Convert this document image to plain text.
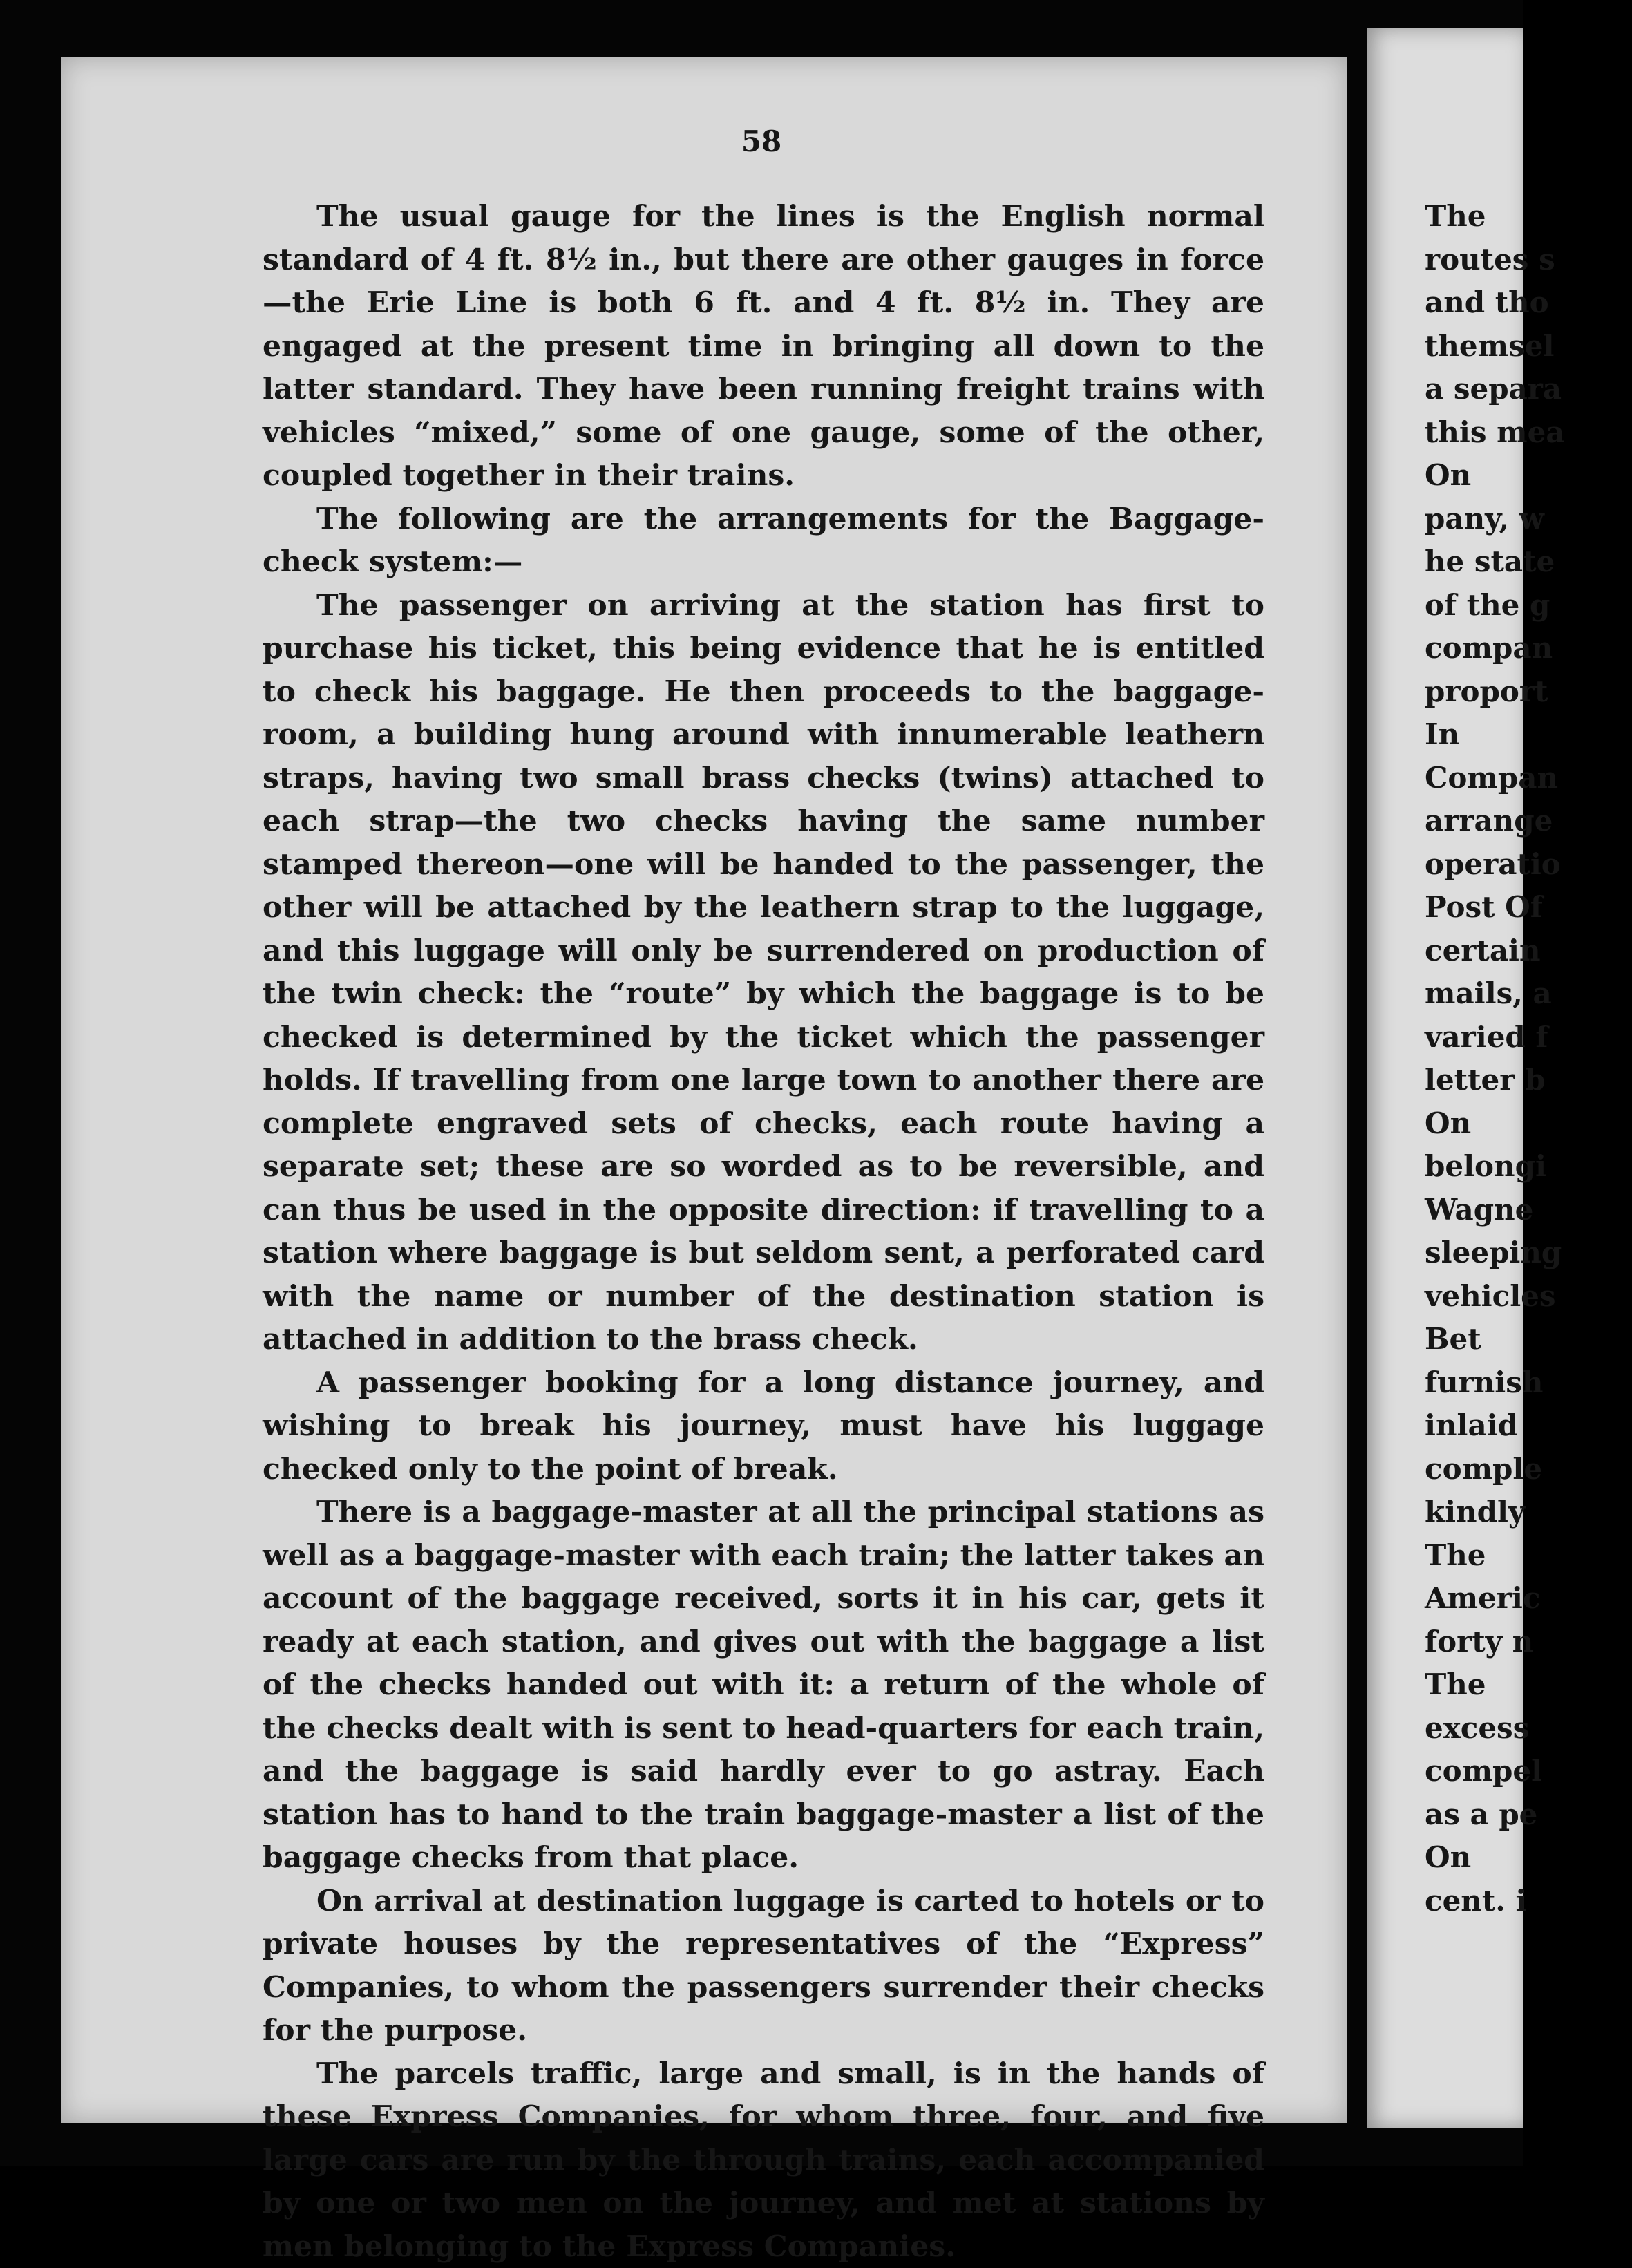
58

The usual gauge for the lines is the English normal standard of 4 ft. 8½ in., but there are other gauges in force—the Erie Line is both 6 ft. and 4 ft. 8½ in. They are engaged at the present time in bringing all down to the latter standard. They have been running freight trains with vehicles “mixed,” some of one gauge, some of the other, coupled together in their trains.

The following are the arrangements for the Baggage-check system:—

The passenger on arriving at the station has first to purchase his ticket, this being evidence that he is entitled to check his baggage. He then proceeds to the baggage-room, a building hung around with innumerable leathern straps, having two small brass checks (twins) attached to each strap—the two checks having the same number stamped thereon—one will be handed to the passenger, the other will be attached by the leathern strap to the luggage, and this luggage will only be surrendered on production of the twin check: the “route” by which the baggage is to be checked is determined by the ticket which the passenger holds. If travelling from one large town to another there are complete engraved sets of checks, each route having a separate set; these are so worded as to be reversible, and can thus be used in the opposite direction: if travelling to a station where baggage is but seldom sent, a perforated card with the name or number of the destination station is attached in addition to the brass check.

A passenger booking for a long distance journey, and wishing to break his journey, must have his luggage checked only to the point of break.

There is a baggage-master at all the principal stations as well as a baggage-master with each train; the latter takes an account of the baggage received, sorts it in his car, gets it ready at each station, and gives out with the baggage a list of the checks handed out with it: a return of the whole of the checks dealt with is sent to head-quarters for each train, and the baggage is said hardly ever to go astray. Each station has to hand to the train baggage-master a list of the baggage checks from that place.

On arrival at destination luggage is carted to hotels or to private houses by the representatives of the “Express” Companies, to whom the passengers surrender their checks for the purpose.

The parcels traffic, large and small, is in the hands of these Express Companies, for whom three, four, and five large cars are run by the through trains, each accompanied by one or two men on the journey, and met at stations by men belonging to the Express Companies.

The
routes s
and tho
themsel
a separa
this mea
On
pany, w
he state
of the g
compan
proport
In
Compan
arrange
operatio
Post Of
certain
mails, a
varied f
letter b
On
belongi
Wagne
sleeping
vehicles
Bet
furnish
inlaid
comple
kindly
The
Americ
forty n
The
excess
compel
as a pe
On
cent. i
